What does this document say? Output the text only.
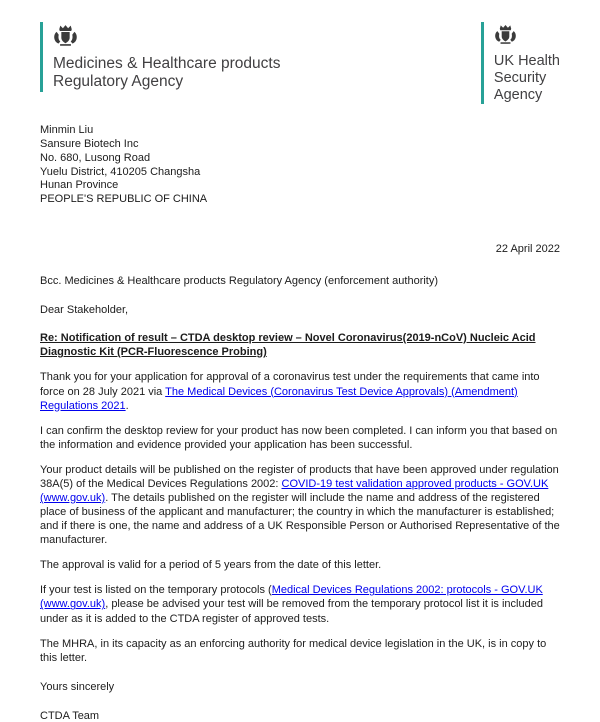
Medicines & Healthcare products
Regulatory Agency
UK Health
Security
Agency
Minmin Liu
Sansure Biotech Inc
No. 680, Lusong Road
Yuelu District, 410205 Changsha
Hunan Province
PEOPLE'S REPUBLIC OF CHINA
22 April 2022
Bcc. Medicines & Healthcare products Regulatory Agency (enforcement authority)
Dear Stakeholder,
Re: Notification of result – CTDA desktop review – Novel Coronavirus(2019-nCoV) Nucleic Acid Diagnostic Kit (PCR-Fluorescence Probing)

Thank you for your application for approval of a coronavirus test under the requirements that came into force on 28 July 2021 via The Medical Devices (Coronavirus Test Device Approvals) (Amendment) Regulations 2021.

I can confirm the desktop review for your product has now been completed. I can inform you that based on the information and evidence provided your application has been successful.

Your product details will be published on the register of products that have been approved under regulation 38A(5) of the Medical Devices Regulations 2002: COVID-19 test validation approved products - GOV.UK (www.gov.uk). The details published on the register will include the name and address of the registered place of business of the applicant and manufacturer; the country in which the manufacturer is established; and if there is one, the name and address of a UK Responsible Person or Authorised Representative of the manufacturer.

The approval is valid for a period of 5 years from the date of this letter.

If your test is listed on the temporary protocols (Medical Devices Regulations 2002: protocols - GOV.UK (www.gov.uk), please be advised your test will be removed from the temporary protocol list it is included under as it is added to the CTDA register of approved tests.

The MHRA, in its capacity as an enforcing authority for medical device legislation in the UK, is in copy to this letter.

Yours sincerely
CTDA Team
